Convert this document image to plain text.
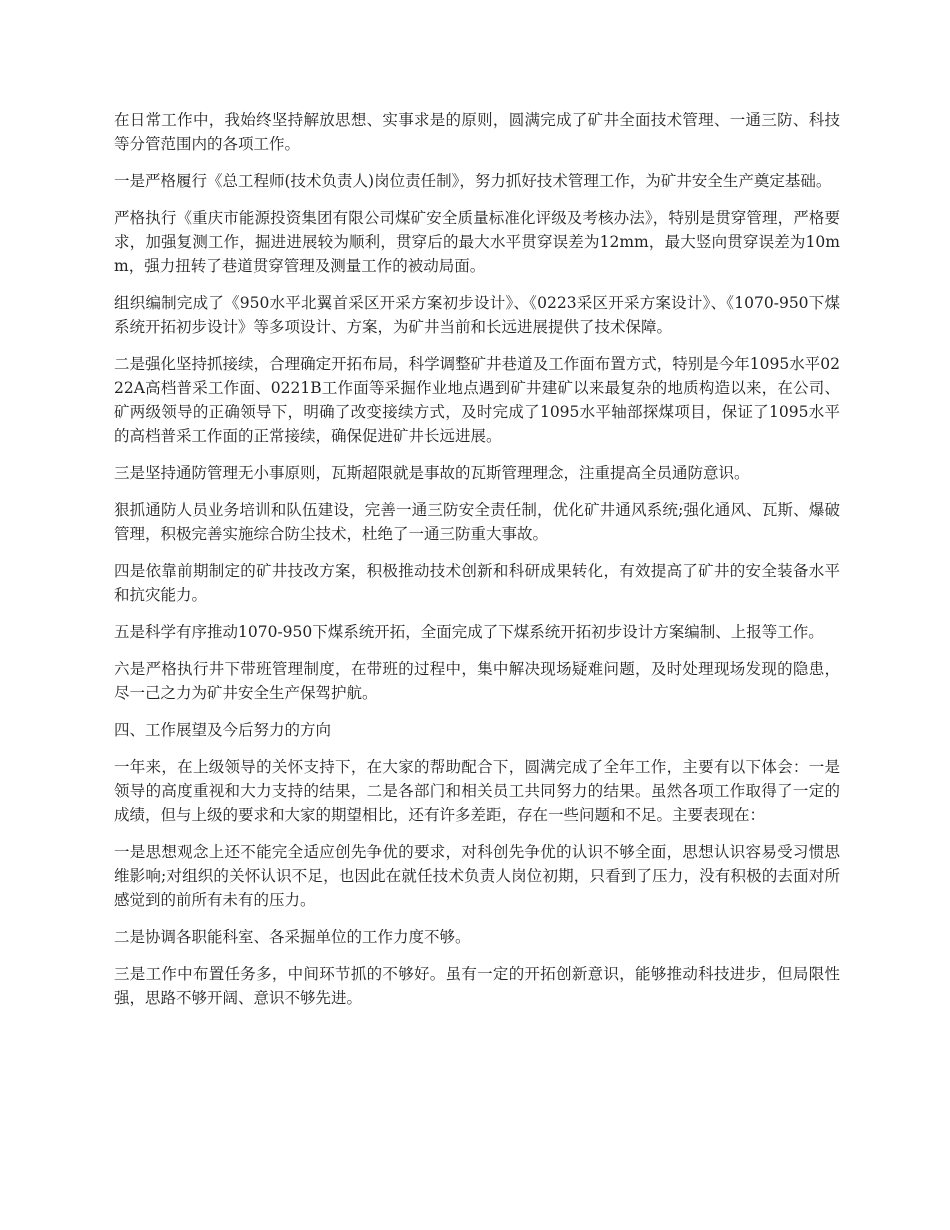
在日常工作中，我始终坚持解放思想、实事求是的原则，圆满完成了矿井全面技术管理、一通三防、科技等分管范围内的各项工作。

一是严格履行《总工程师(技术负责人)岗位责任制》，努力抓好技术管理工作，为矿井安全生产奠定基础。

严格执行《重庆市能源投资集团有限公司煤矿安全质量标准化评级及考核办法》，特别是贯穿管理，严格要求，加强复测工作，掘进进展较为顺利，贯穿后的最大水平贯穿误差为12mm，最大竖向贯穿误差为10mm，强力扭转了巷道贯穿管理及测量工作的被动局面。

组织编制完成了《950水平北翼首采区开采方案初步设计》、《0223采区开采方案设计》、《1070-950下煤系统开拓初步设计》等多项设计、方案，为矿井当前和长远进展提供了技术保障。

二是强化坚持抓接续，合理确定开拓布局，科学调整矿井巷道及工作面布置方式，特别是今年1095水平0222A高档普采工作面、0221B工作面等采掘作业地点遇到矿井建矿以来最复杂的地质构造以来，在公司、矿两级领导的正确领导下，明确了改变接续方式，及时完成了1095水平轴部探煤项目，保证了1095水平的高档普采工作面的正常接续，确保促进矿井长远进展。

三是坚持通防管理无小事原则，瓦斯超限就是事故的瓦斯管理理念，注重提高全员通防意识。

狠抓通防人员业务培训和队伍建设，完善一通三防安全责任制，优化矿井通风系统;强化通风、瓦斯、爆破管理，积极完善实施综合防尘技术，杜绝了一通三防重大事故。

四是依靠前期制定的矿井技改方案，积极推动技术创新和科研成果转化，有效提高了矿井的安全装备水平和抗灾能力。

五是科学有序推动1070-950下煤系统开拓，全面完成了下煤系统开拓初步设计方案编制、上报等工作。

六是严格执行井下带班管理制度，在带班的过程中，集中解决现场疑难问题，及时处理现场发现的隐患，尽一己之力为矿井安全生产保驾护航。

四、工作展望及今后努力的方向

一年来，在上级领导的关怀支持下，在大家的帮助配合下，圆满完成了全年工作，主要有以下体会：一是领导的高度重视和大力支持的结果，二是各部门和相关员工共同努力的结果。虽然各项工作取得了一定的成绩，但与上级的要求和大家的期望相比，还有许多差距，存在一些问题和不足。主要表现在：

一是思想观念上还不能完全适应创先争优的要求，对科创先争优的认识不够全面，思想认识容易受习惯思维影响;对组织的关怀认识不足，也因此在就任技术负责人岗位初期，只看到了压力，没有积极的去面对所感觉到的前所有未有的压力。

二是协调各职能科室、各采掘单位的工作力度不够。

三是工作中布置任务多，中间环节抓的不够好。虽有一定的开拓创新意识，能够推动科技进步，但局限性强，思路不够开阔、意识不够先进。
